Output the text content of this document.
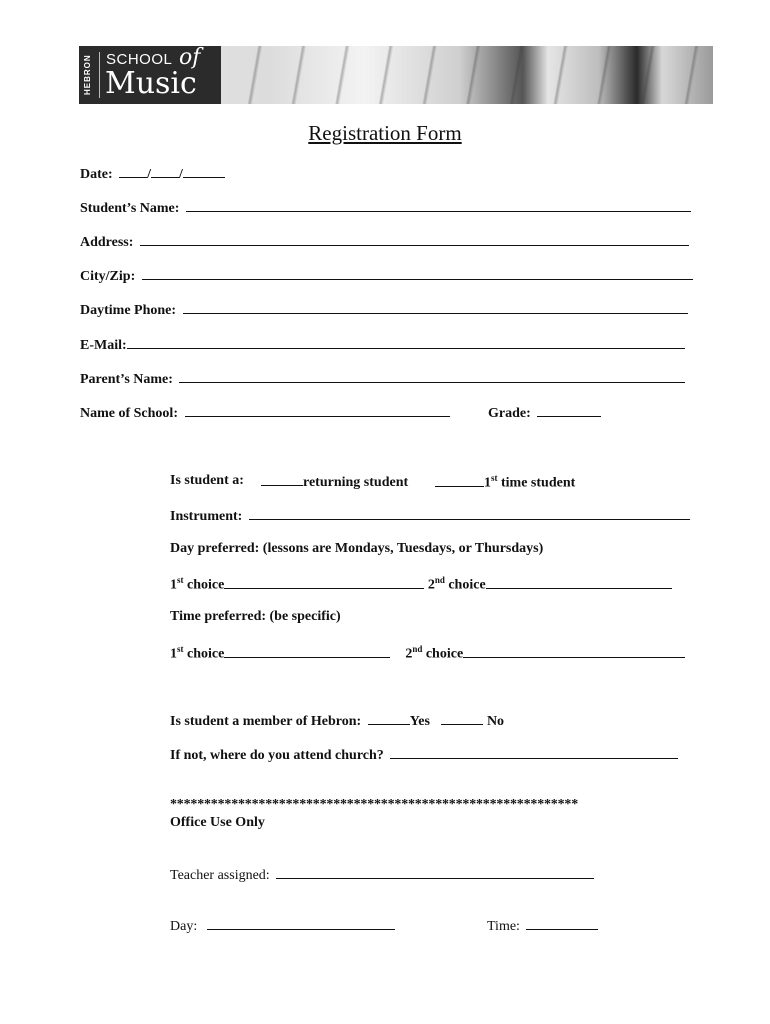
HEBRON SCHOOL of
Music
Registration Form
Date: / /
Student’s Name:
Address:
City/Zip:
Daytime Phone:
E-Mail:
Parent’s Name:
Name of School:	Grade:
Is student a:	returning student	1st time student
Instrument:
Day preferred: (lessons are Mondays, Tuesdays, or Thursdays)
1st choice	2nd choice
Time preferred: (be specific)
1st choice	2nd choice
Is student a member of Hebron:	Yes	No
If not, where do you attend church?
************************************************************
Office Use Only
Teacher assigned:
Day:	Time:
